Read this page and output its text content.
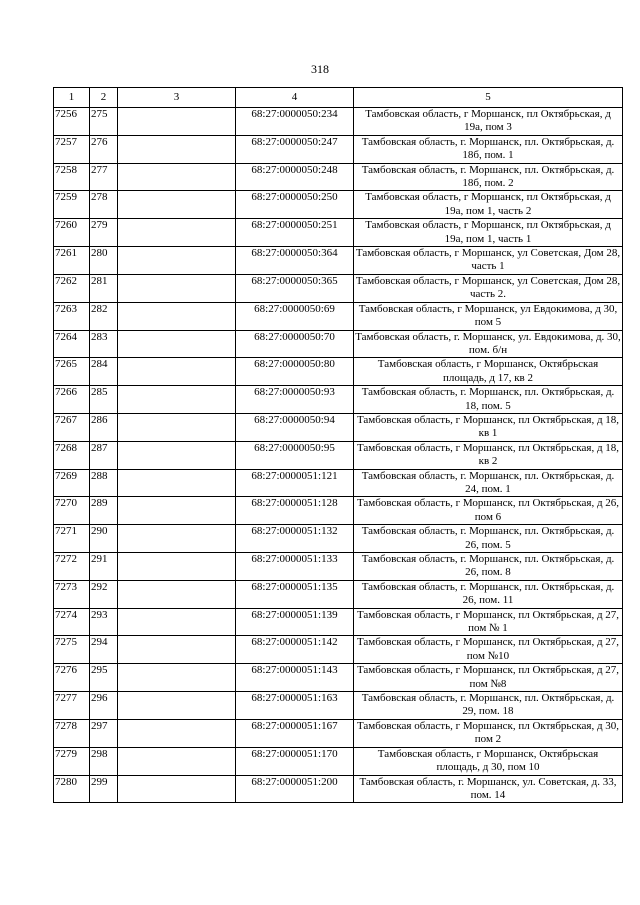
318
1	2	3	4	5
7256	275		68:27:0000050:234	Тамбовская область, г Моршанск, пл Октябрьская, д 19а, пом 3
7257	276		68:27:0000050:247	Тамбовская область, г. Моршанск, пл. Октябрьская, д. 18б, пом. 1
7258	277		68:27:0000050:248	Тамбовская область, г. Моршанск, пл. Октябрьская, д. 18б, пом. 2
7259	278		68:27:0000050:250	Тамбовская область, г Моршанск, пл Октябрьская, д 19а, пом 1, часть 2
7260	279		68:27:0000050:251	Тамбовская область, г Моршанск, пл Октябрьская, д 19а, пом 1, часть 1
7261	280		68:27:0000050:364	Тамбовская область, г Моршанск, ул Советская, Дом 28, часть 1
7262	281		68:27:0000050:365	Тамбовская область, г Моршанск, ул Советская, Дом 28, часть 2.
7263	282		68:27:0000050:69	Тамбовская область, г Моршанск, ул Евдокимова, д 30, пом 5
7264	283		68:27:0000050:70	Тамбовская область, г. Моршанск, ул. Евдокимова, д. 30, пом. б/н
7265	284		68:27:0000050:80	Тамбовская область, г Моршанск, Октябрьская площадь, д 17, кв 2
7266	285		68:27:0000050:93	Тамбовская область, г. Моршанск, пл. Октябрьская, д. 18, пом. 5
7267	286		68:27:0000050:94	Тамбовская область, г Моршанск, пл Октябрьская, д 18, кв 1
7268	287		68:27:0000050:95	Тамбовская область, г Моршанск, пл Октябрьская, д 18, кв 2
7269	288		68:27:0000051:121	Тамбовская область, г. Моршанск, пл. Октябрьская, д. 24, пом. 1
7270	289		68:27:0000051:128	Тамбовская область, г Моршанск, пл Октябрьская, д 26, пом 6
7271	290		68:27:0000051:132	Тамбовская область, г. Моршанск, пл. Октябрьская, д. 26, пом. 5
7272	291		68:27:0000051:133	Тамбовская область, г. Моршанск, пл. Октябрьская, д. 26, пом. 8
7273	292		68:27:0000051:135	Тамбовская область, г. Моршанск, пл. Октябрьская, д. 26, пом. 11
7274	293		68:27:0000051:139	Тамбовская область, г Моршанск, пл Октябрьская, д 27, пом № 1
7275	294		68:27:0000051:142	Тамбовская область, г Моршанск, пл Октябрьская, д 27, пом №10
7276	295		68:27:0000051:143	Тамбовская область, г Моршанск, пл Октябрьская, д 27, пом №8
7277	296		68:27:0000051:163	Тамбовская область, г. Моршанск, пл. Октябрьская, д. 29, пом. 18
7278	297		68:27:0000051:167	Тамбовская область, г Моршанск, пл Октябрьская, д 30, пом 2
7279	298		68:27:0000051:170	Тамбовская область, г Моршанск, Октябрьская площадь, д 30, пом 10
7280	299		68:27:0000051:200	Тамбовская область, г. Моршанск, ул. Советская, д. 33, пом. 14
